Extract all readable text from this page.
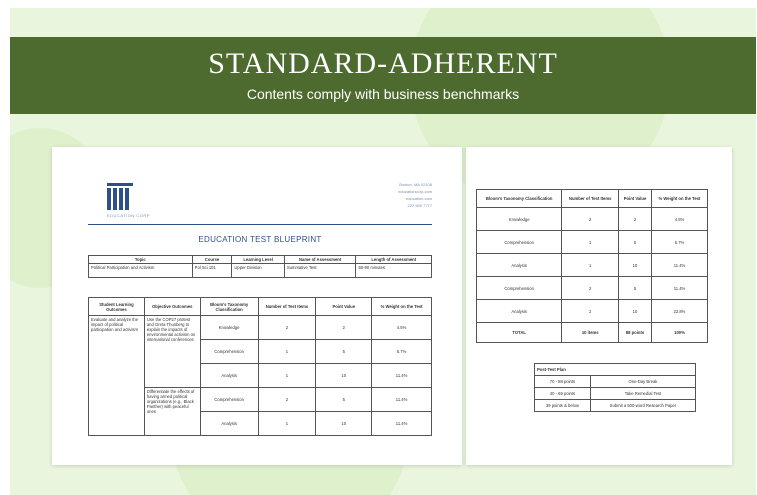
STANDARD-ADHERENT
Contents comply with business benchmarks
EDUCATION CORP
Boston, MA 02108
educationcorp.com
education.com
222 555 7777
EDUCATION TEST BLUEPRINT
Topic	Course	Learning Level	Name of Assessment	Length of Assessment
Political Participation and Activism	Pol Sci 101	Upper Division	Summative Test	60-90 minutes
Student Learning Outcomes	Objective Outcomes	Bloom's Taxonomy Classification	Number of Test Items	Point Value	% Weight on the Test
Evaluate and analyze the impact of political participation and activism	Use the COP27 protest and Greta Thunberg to explain the impacts of environmental activism on international conferences	Knowledge	2	2	4.5%
		Comprehension	1	5	5.7%
		Analysis	1	10	11.4%
	Differentiate the effects of having armed political organizations (e.g., Black Panther) with peaceful ones	Comprehension	2	5	11.4%
		Analysis	1	10	11.4%
Bloom's Taxonomy Classification	Number of Test Items	Point Value	% Weight on the Test
Knowledge	2	2	4.5%
Comprehension	1	5	5.7%
Analysis	1	10	11.4%
Comprehension	2	5	11.4%
Analysis	2	10	22.8%
TOTAL	10 items	88 points	100%
Post-Test Plan	
70 - 88 points	One-Day Break
40 - 69 points	Take Remedial Test
39 points & below	Submit a 500-word Research Paper
